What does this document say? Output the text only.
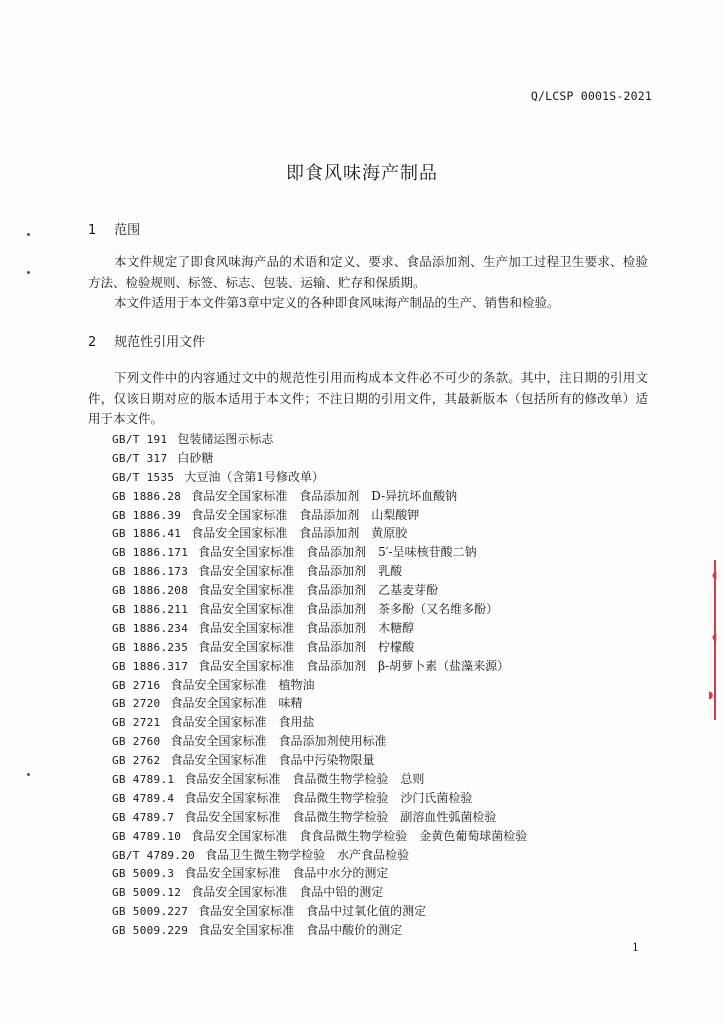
Q/LCSP 0001S-2021
即食风味海产制品
1 范围
本文件规定了即食风味海产品的术语和定义、要求、食品添加剂、生产加工过程卫生要求、检验方法、检验规则、标签、标志、包装、运输、贮存和保质期。
本文件适用于本文件第3章中定义的各种即食风味海产制品的生产、销售和检验。
2 规范性引用文件
下列文件中的内容通过文中的规范性引用而构成本文件必不可少的条款。其中，注日期的引用文件，仅该日期对应的版本适用于本文件；不注日期的引用文件，其最新版本（包括所有的修改单）适用于本文件。
GB/T 191 包装储运图示标志
GB/T 317 白砂糖
GB/T 1535 大豆油（含第1号修改单）
GB 1886.28 食品安全国家标准　食品添加剂　D-异抗坏血酸钠
GB 1886.39 食品安全国家标准　食品添加剂　山梨酸钾
GB 1886.41 食品安全国家标准　食品添加剂　黄原胶
GB 1886.171 食品安全国家标准　食品添加剂　5′-呈味核苷酸二钠
GB 1886.173 食品安全国家标准　食品添加剂　乳酸
GB 1886.208 食品安全国家标准　食品添加剂　乙基麦芽酚
GB 1886.211 食品安全国家标准　食品添加剂　茶多酚（又名维多酚）
GB 1886.234 食品安全国家标准　食品添加剂　木糖醇
GB 1886.235 食品安全国家标准　食品添加剂　柠檬酸
GB 1886.317 食品安全国家标准　食品添加剂　β-胡萝卜素（盐藻来源）
GB 2716 食品安全国家标准　植物油
GB 2720 食品安全国家标准　味精
GB 2721 食品安全国家标准　食用盐
GB 2760 食品安全国家标准　食品添加剂使用标准
GB 2762 食品安全国家标准　食品中污染物限量
GB 4789.1 食品安全国家标准　食品微生物学检验　总则
GB 4789.4 食品安全国家标准　食品微生物学检验　沙门氏菌检验
GB 4789.7 食品安全国家标准　食品微生物学检验　副溶血性弧菌检验
GB 4789.10 食品安全国家标准　食食品微生物学检验　金黄色葡萄球菌检验
GB/T 4789.20 食品卫生微生物学检验　水产食品检验
GB 5009.3 食品安全国家标准　食品中水分的测定
GB 5009.12 食品安全国家标准　食品中铅的测定
GB 5009.227 食品安全国家标准　食品中过氧化值的测定
GB 5009.229 食品安全国家标准　食品中酸价的测定
1
◖
◖
◗
